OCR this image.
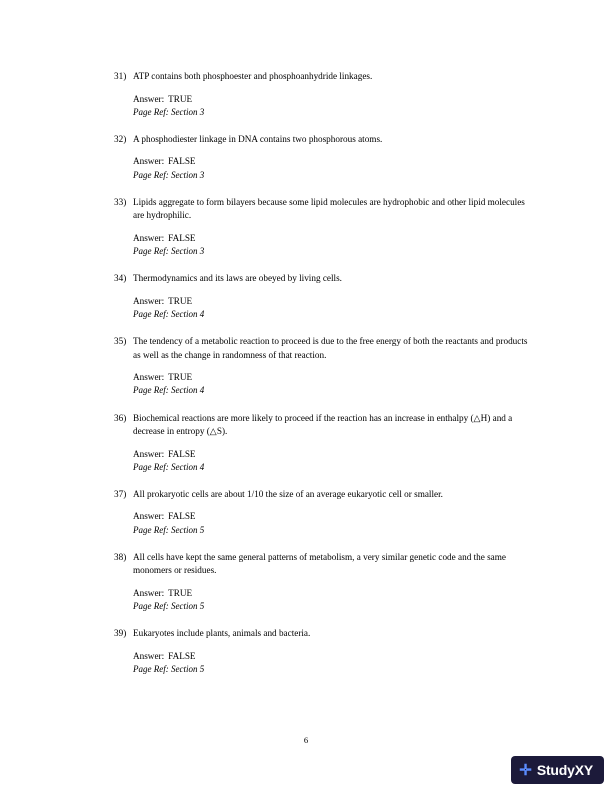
31) ATP contains both phosphoester and phosphoanhydride linkages.
Answer: TRUE
Page Ref: Section 3
32) A phosphodiester linkage in DNA contains two phosphorous atoms.
Answer: FALSE
Page Ref: Section 3
33) Lipids aggregate to form bilayers because some lipid molecules are hydrophobic and other lipid molecules are hydrophilic.
Answer: FALSE
Page Ref: Section 3
34) Thermodynamics and its laws are obeyed by living cells.
Answer: TRUE
Page Ref: Section 4
35) The tendency of a metabolic reaction to proceed is due to the free energy of both the reactants and products as well as the change in randomness of that reaction.
Answer: TRUE
Page Ref: Section 4
36) Biochemical reactions are more likely to proceed if the reaction has an increase in enthalpy (△H) and a decrease in entropy (△S).
Answer: FALSE
Page Ref: Section 4
37) All prokaryotic cells are about 1/10 the size of an average eukaryotic cell or smaller.
Answer: FALSE
Page Ref: Section 5
38) All cells have kept the same general patterns of metabolism, a very similar genetic code and the same monomers or residues.
Answer: TRUE
Page Ref: Section 5
39) Eukaryotes include plants, animals and bacteria.
Answer: FALSE
Page Ref: Section 5
6
✛ StudyXY
